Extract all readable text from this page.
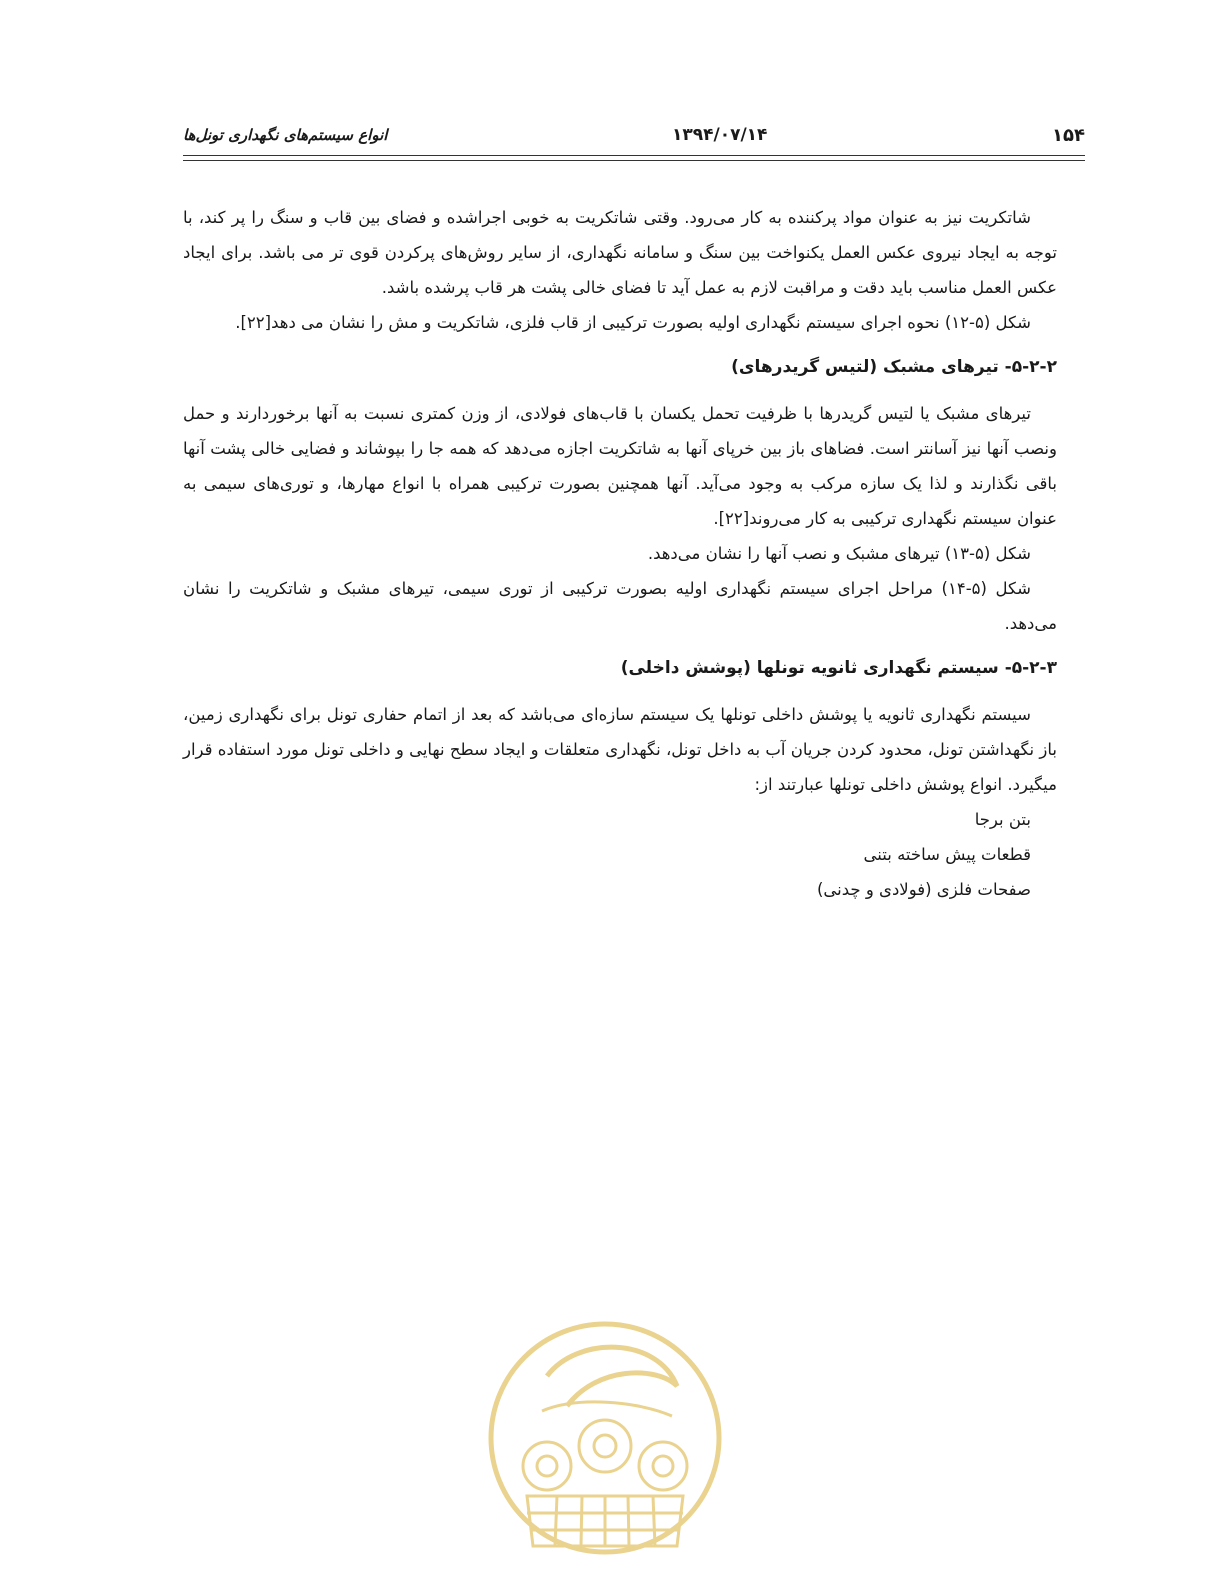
انواع سیستم‌های نگهداری تونل‌ها	۱۳۹۴/۰۷/۱۴	۱۵۴

شاتکریت نیز به عنوان مواد پرکننده به کار می‌رود. وقتی شاتکریت به خوبی اجراشده و فضای بین قاب و سنگ را پر کند، با توجه به ایجاد نیروی عکس العمل یکنواخت بین سنگ و سامانه نگهداری، از سایر روش‌های پرکردن قوی تر می باشد. برای ایجاد عکس العمل مناسب باید دقت و مراقبت لازم به عمل آید تا فضای خالی پشت هر قاب پرشده باشد.

شکل (۵-۱۲) نحوه اجرای سیستم نگهداری اولیه بصورت ترکیبی از قاب فلزی، شاتکریت و مش را نشان می دهد[۲۲].

۵-۲-۲- تیرهای مشبک (لتیس گریدرهای)

تیرهای مشبک یا لتیس گریدرها با ظرفیت تحمل یکسان با قاب‌های فولادی، از وزن کمتری نسبت به آنها برخوردارند و حمل ونصب آنها نیز آسانتر است. فضاهای باز بین خرپای آنها به شاتکریت اجازه می‌دهد که همه جا را بپوشاند و فضایی خالی پشت آنها باقی نگذارند و لذا یک سازه مرکب به وجود می‌آید. آنها همچنین بصورت ترکیبی همراه با انواع مهارها، و توری‌های سیمی به عنوان سیستم نگهداری ترکیبی به کار می‌روند[۲۲].

شکل (۵-۱۳) تیرهای مشبک و نصب آنها را نشان می‌دهد.

شکل (۵-۱۴) مراحل اجرای سیستم نگهداری اولیه بصورت ترکیبی از توری سیمی، تیرهای مشبک و شاتکریت را نشان می‌دهد.

۵-۲-۳- سیستم نگهداری ثانویه تونلها (پوشش داخلی)

سیستم نگهداری ثانویه یا پوشش داخلی تونلها یک سیستم سازه‌ای می‌باشد که بعد از اتمام حفاری تونل برای نگهداری زمین، باز نگهداشتن تونل، محدود کردن جریان آب به داخل تونل، نگهداری متعلقات و ایجاد سطح نهایی و داخلی تونل مورد استفاده قرار میگیرد. انواع پوشش داخلی تونلها عبارتند از:

بتن برجا
قطعات پیش ساخته بتنی
صفحات فلزی (فولادی و چدنی)
